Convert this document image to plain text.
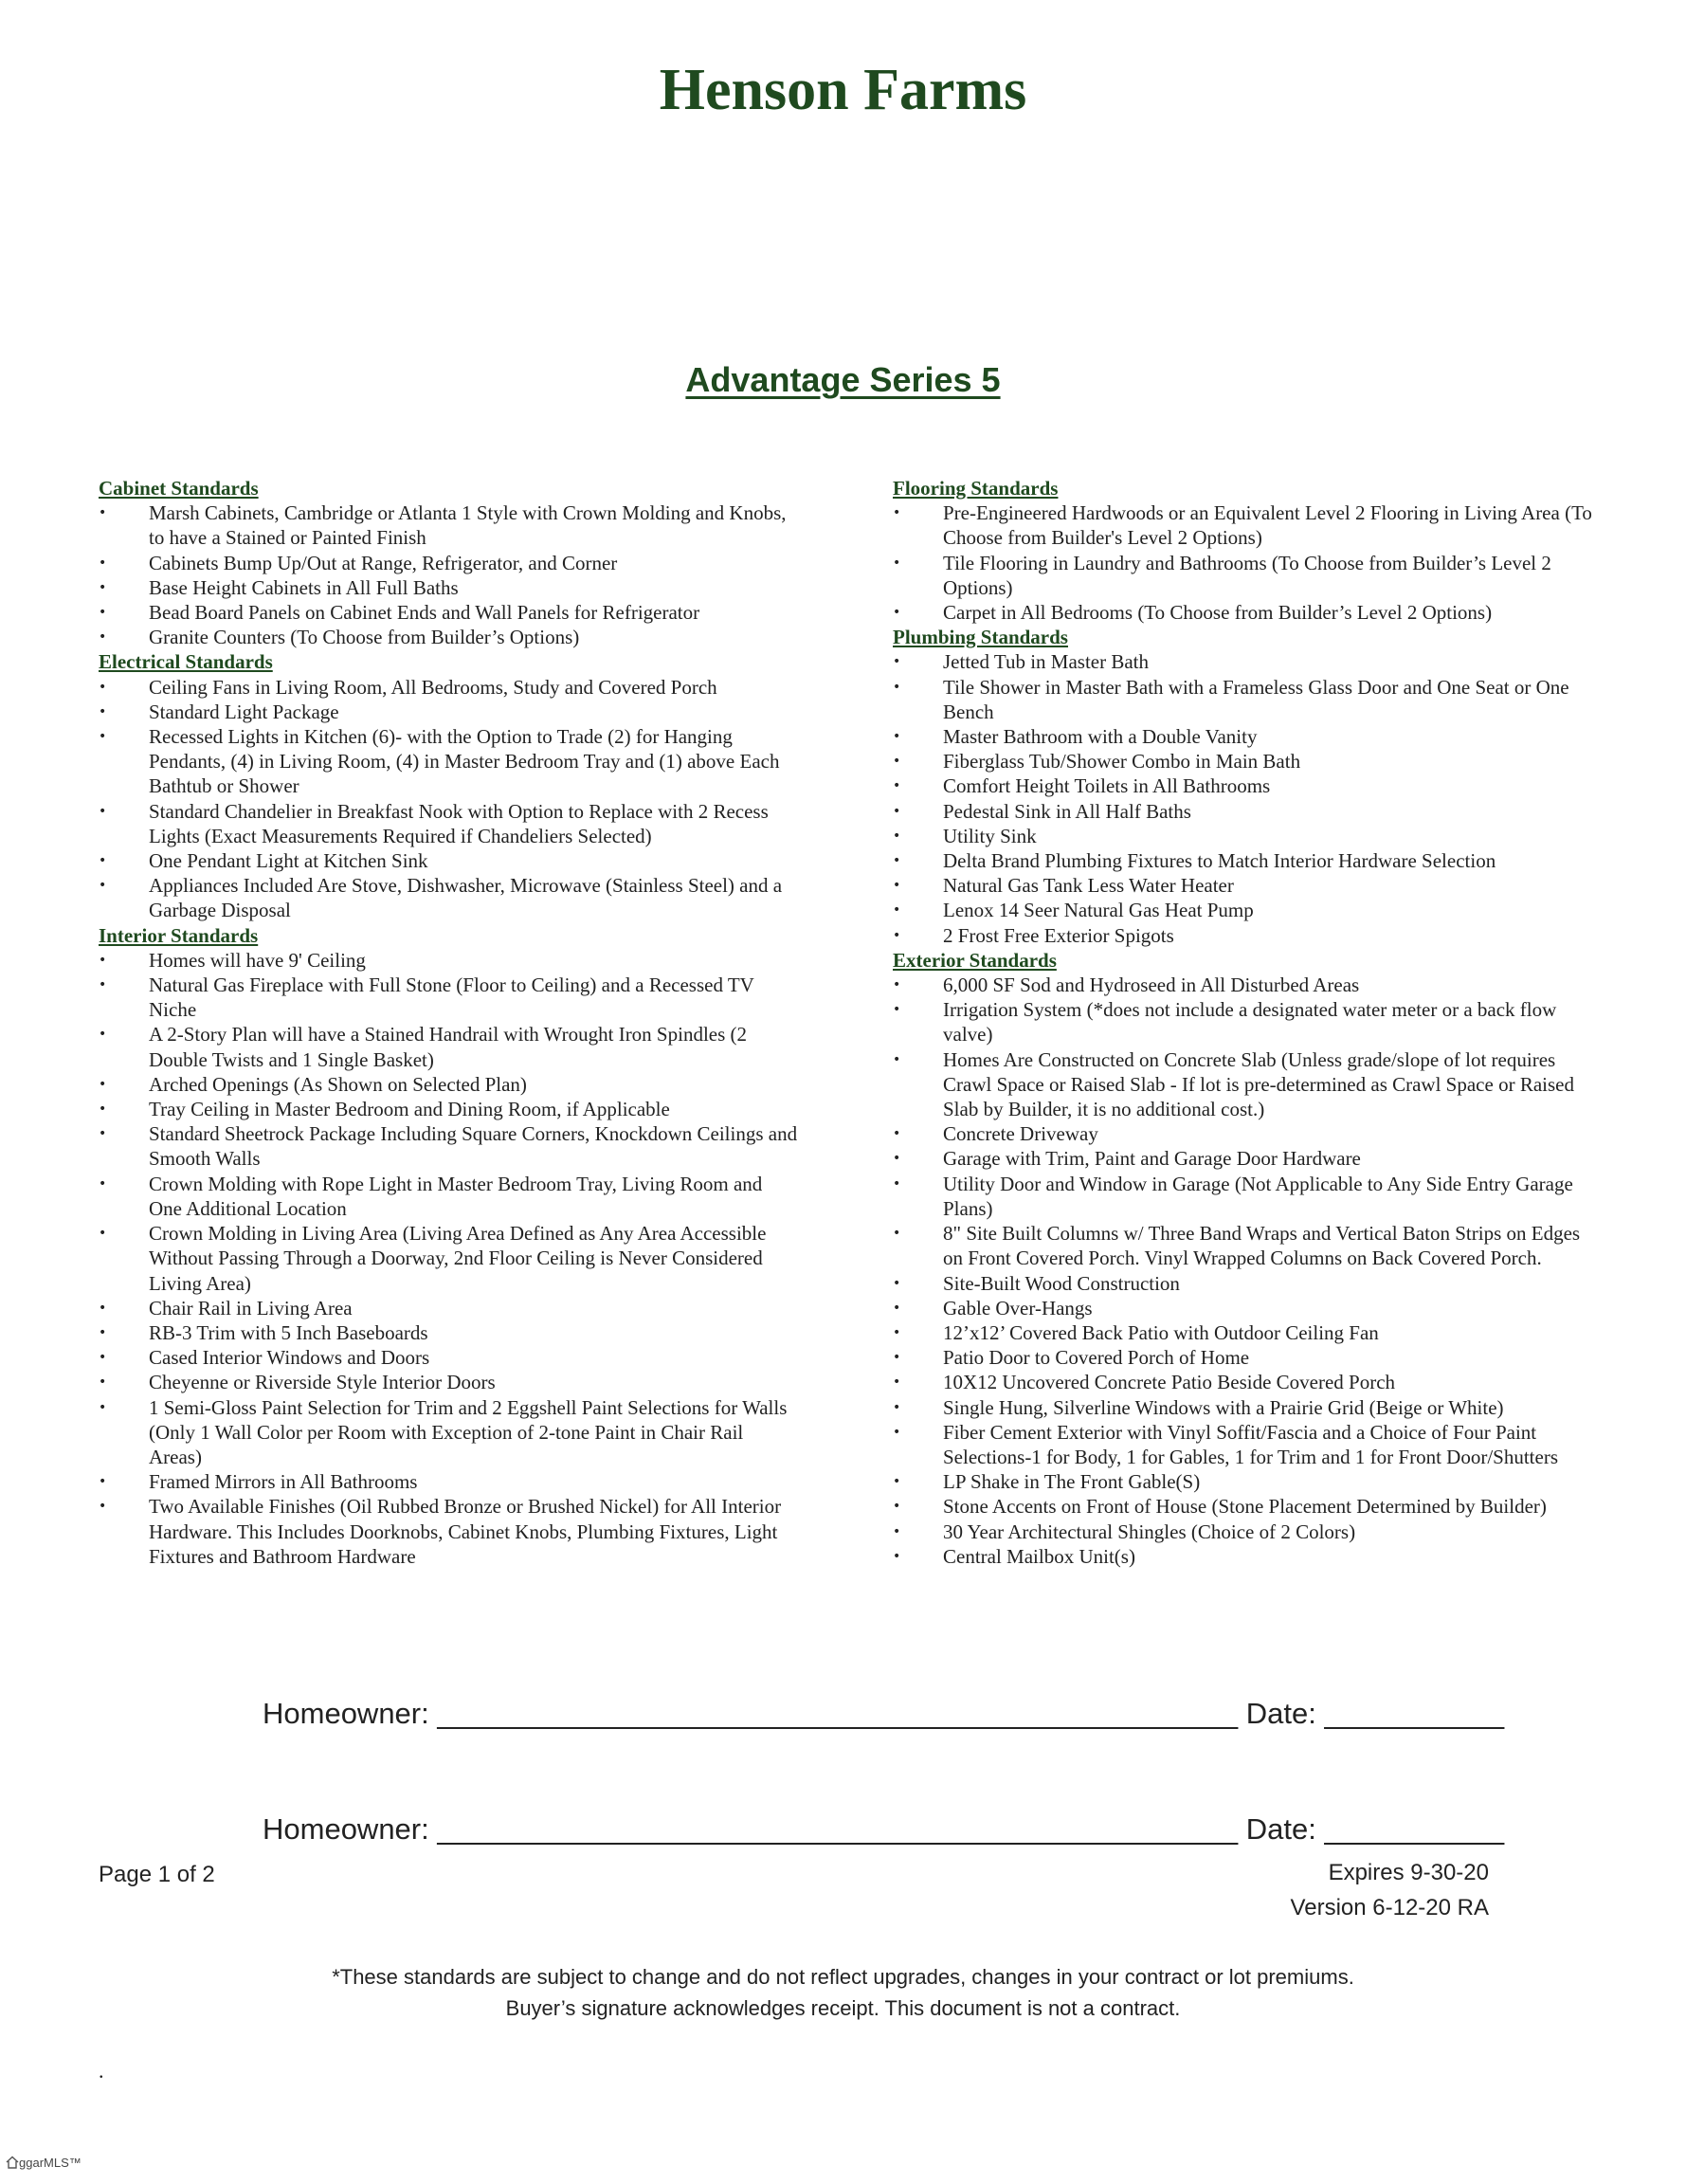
Henson Farms
Advantage Series 5
Cabinet Standards
• Marsh Cabinets, Cambridge or Atlanta 1 Style with Crown Molding and Knobs, to have a Stained or Painted Finish
• Cabinets Bump Up/Out at Range, Refrigerator, and Corner
• Base Height Cabinets in All Full Baths
• Bead Board Panels on Cabinet Ends and Wall Panels for Refrigerator
• Granite Counters (To Choose from Builder’s Options)
Electrical Standards
• Ceiling Fans in Living Room, All Bedrooms, Study and Covered Porch
• Standard Light Package
• Recessed Lights in Kitchen (6)- with the Option to Trade (2) for Hanging Pendants, (4) in Living Room, (4) in Master Bedroom Tray and (1) above Each Bathtub or Shower
• Standard Chandelier in Breakfast Nook with Option to Replace with 2 Recess Lights (Exact Measurements Required if Chandeliers Selected)
• One Pendant Light at Kitchen Sink
• Appliances Included Are Stove, Dishwasher, Microwave (Stainless Steel) and a Garbage Disposal
Interior Standards
• Homes will have 9' Ceiling
• Natural Gas Fireplace with Full Stone (Floor to Ceiling) and a Recessed TV Niche
• A 2-Story Plan will have a Stained Handrail with Wrought Iron Spindles (2 Double Twists and 1 Single Basket)
• Arched Openings (As Shown on Selected Plan)
• Tray Ceiling in Master Bedroom and Dining Room, if Applicable
• Standard Sheetrock Package Including Square Corners, Knockdown Ceilings and Smooth Walls
• Crown Molding with Rope Light in Master Bedroom Tray, Living Room and One Additional Location
• Crown Molding in Living Area (Living Area Defined as Any Area Accessible Without Passing Through a Doorway, 2nd Floor Ceiling is Never Considered Living Area)
• Chair Rail in Living Area
• RB-3 Trim with 5 Inch Baseboards
• Cased Interior Windows and Doors
• Cheyenne or Riverside Style Interior Doors
• 1 Semi-Gloss Paint Selection for Trim and 2 Eggshell Paint Selections for Walls (Only 1 Wall Color per Room with Exception of 2-tone Paint in Chair Rail Areas)
• Framed Mirrors in All Bathrooms
• Two Available Finishes (Oil Rubbed Bronze or Brushed Nickel) for All Interior Hardware. This Includes Doorknobs, Cabinet Knobs, Plumbing Fixtures, Light Fixtures and Bathroom Hardware
Flooring Standards
• Pre-Engineered Hardwoods or an Equivalent Level 2 Flooring in Living Area (To Choose from Builder's Level 2 Options)
• Tile Flooring in Laundry and Bathrooms (To Choose from Builder’s Level 2 Options)
• Carpet in All Bedrooms (To Choose from Builder’s Level 2 Options)
Plumbing Standards
• Jetted Tub in Master Bath
• Tile Shower in Master Bath with a Frameless Glass Door and One Seat or One Bench
• Master Bathroom with a Double Vanity
• Fiberglass Tub/Shower Combo in Main Bath
• Comfort Height Toilets in All Bathrooms
• Pedestal Sink in All Half Baths
• Utility Sink
• Delta Brand Plumbing Fixtures to Match Interior Hardware Selection
• Natural Gas Tank Less Water Heater
• Lenox 14 Seer Natural Gas Heat Pump
• 2 Frost Free Exterior Spigots
Exterior Standards
• 6,000 SF Sod and Hydroseed in All Disturbed Areas
• Irrigation System (*does not include a designated water meter or a back flow valve)
• Homes Are Constructed on Concrete Slab (Unless grade/slope of lot requires Crawl Space or Raised Slab - If lot is pre-determined as Crawl Space or Raised Slab by Builder, it is no additional cost.)
• Concrete Driveway
• Garage with Trim, Paint and Garage Door Hardware
• Utility Door and Window in Garage (Not Applicable to Any Side Entry Garage Plans)
• 8" Site Built Columns w/ Three Band Wraps and Vertical Baton Strips on Edges on Front Covered Porch. Vinyl Wrapped Columns on Back Covered Porch.
• Site-Built Wood Construction
• Gable Over-Hangs
• 12’x12’ Covered Back Patio with Outdoor Ceiling Fan
• Patio Door to Covered Porch of Home
• 10X12 Uncovered Concrete Patio Beside Covered Porch
• Single Hung, Silverline Windows with a Prairie Grid (Beige or White)
• Fiber Cement Exterior with Vinyl Soffit/Fascia and a Choice of Four Paint Selections-1 for Body, 1 for Gables, 1 for Trim and 1 for Front Door/Shutters
• LP Shake in The Front Gable(S)
• Stone Accents on Front of House (Stone Placement Determined by Builder)
• 30 Year Architectural Shingles (Choice of 2 Colors)
• Central Mailbox Unit(s)
Homeowner: _________________________________________________ Date: ___________
Homeowner: _________________________________________________ Date: ___________
Page 1 of 2	Expires 9-30-20
Version 6-12-20 RA
*These standards are subject to change and do not reflect upgrades, changes in your contract or lot premiums.
Buyer’s signature acknowledges receipt. This document is not a contract.
.
ggarMLS™
